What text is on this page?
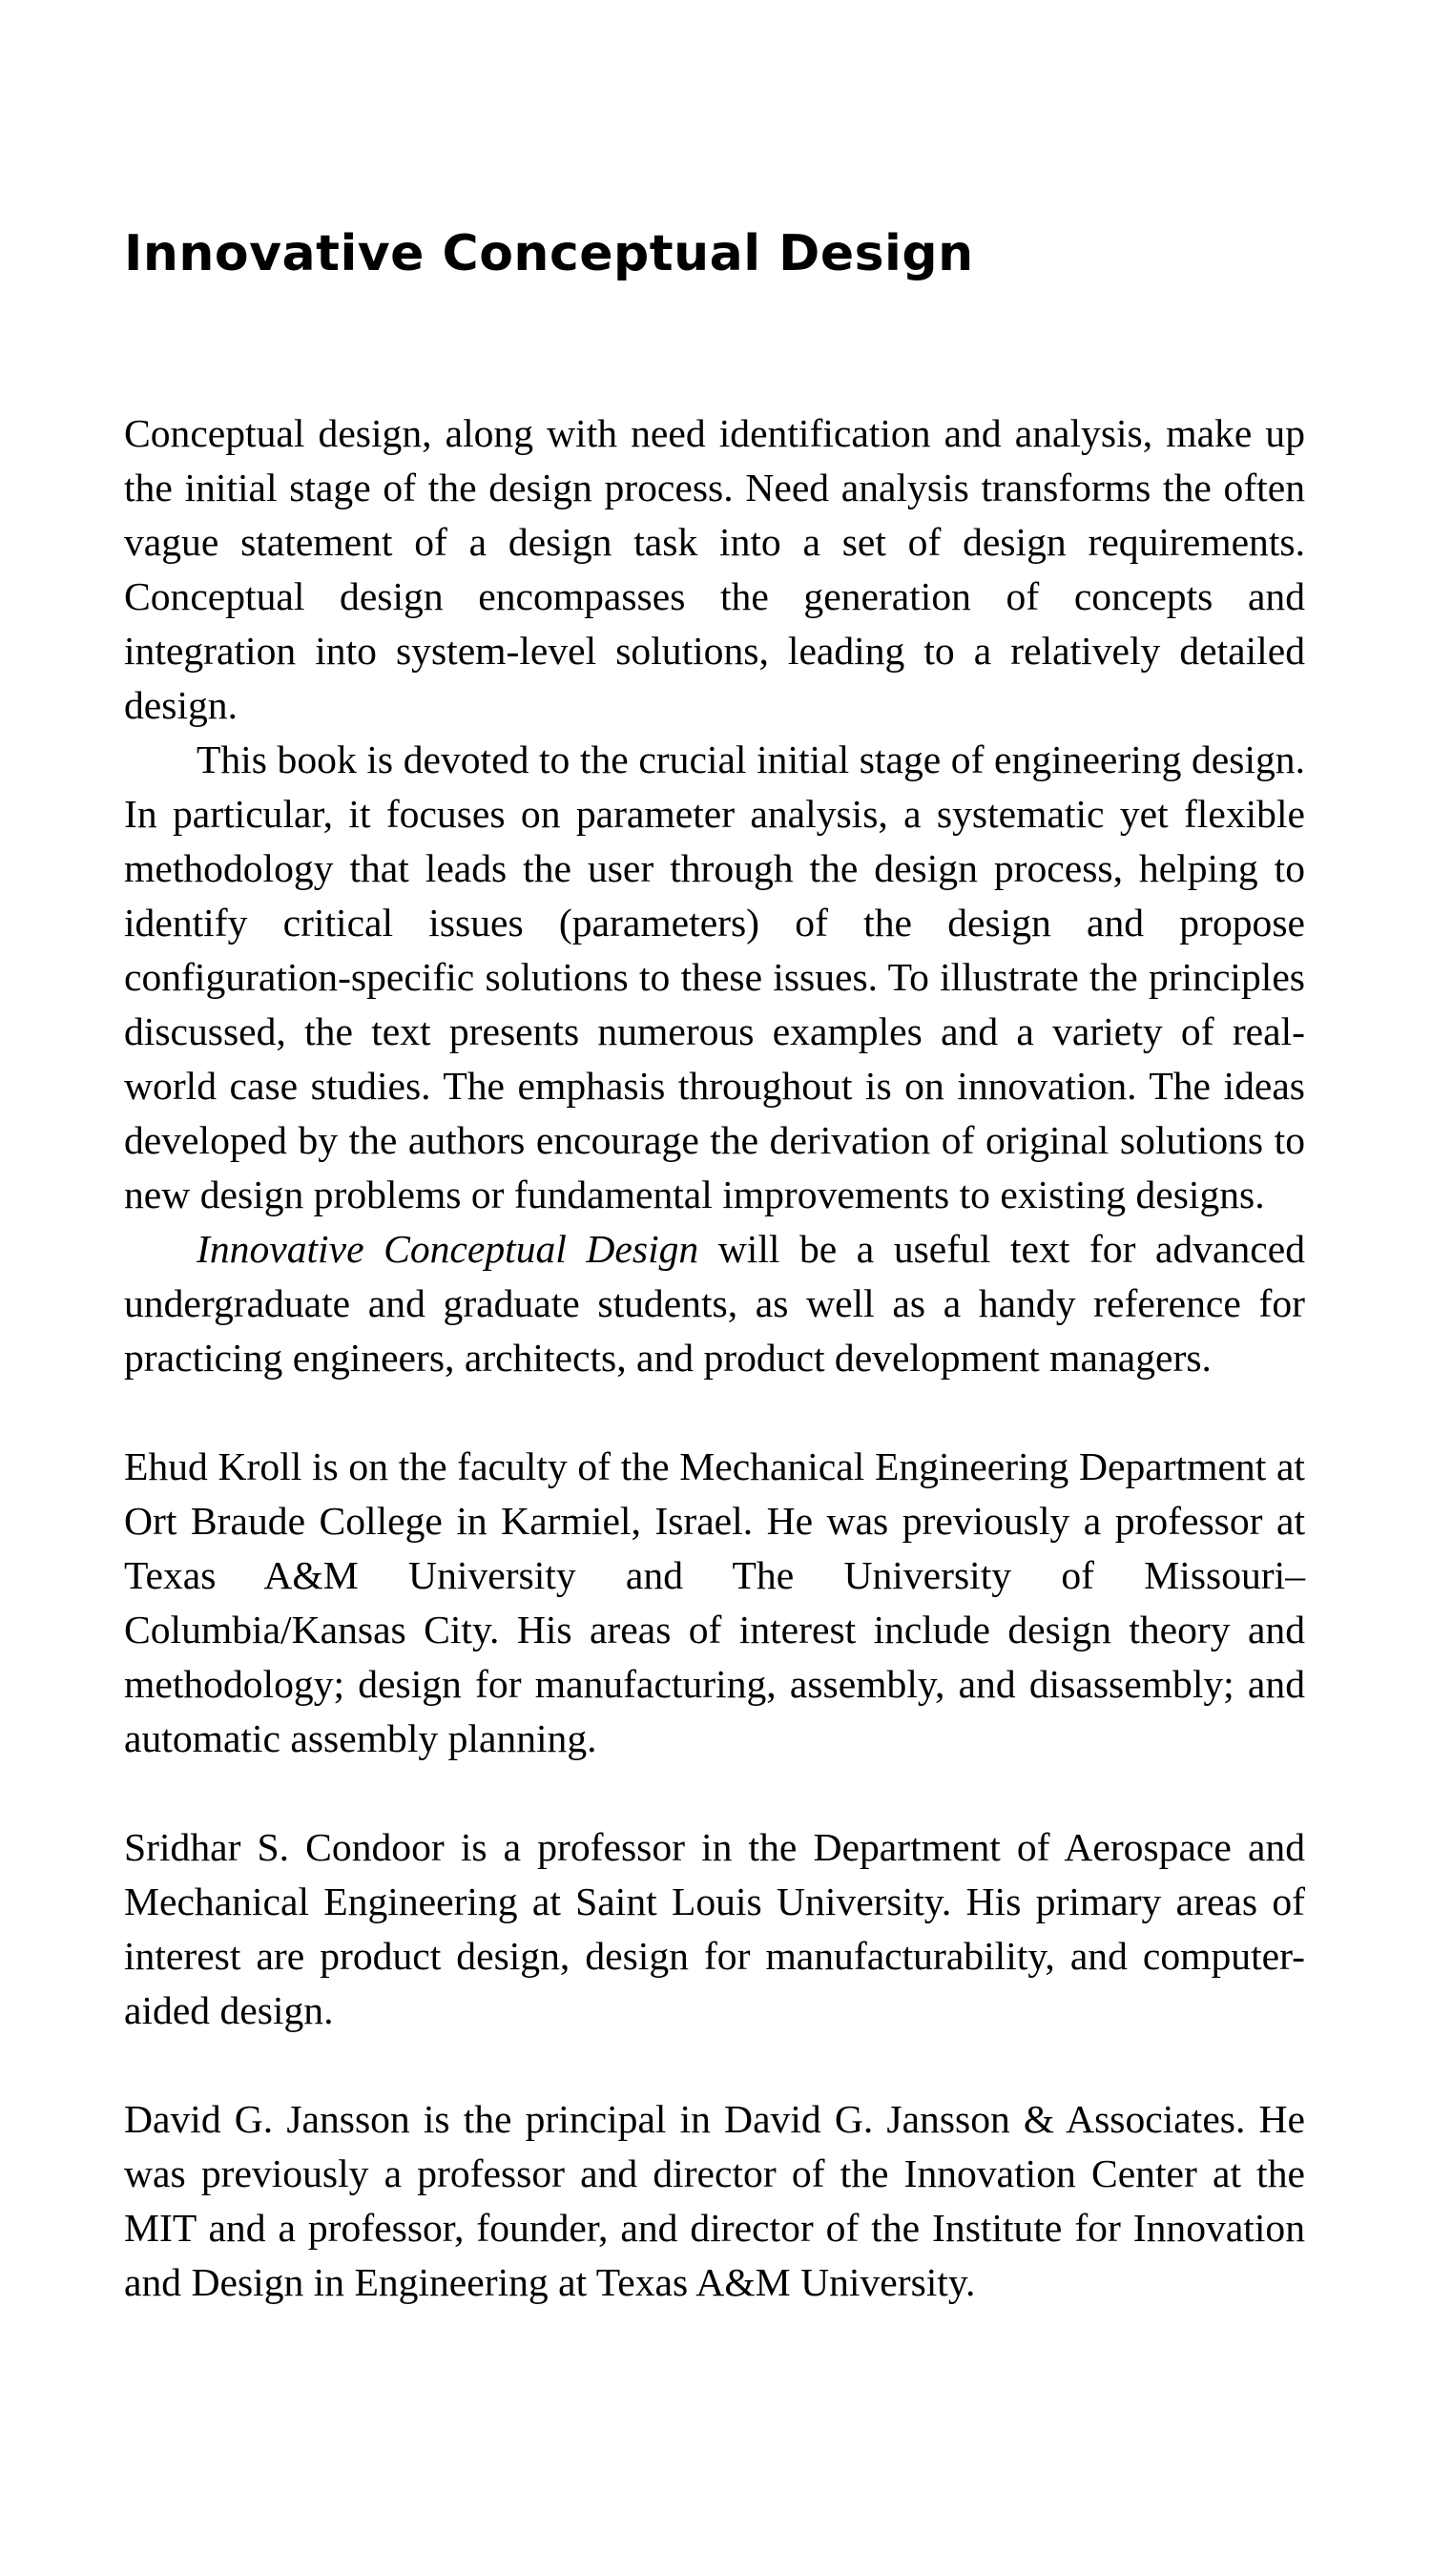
Innovative Conceptual Design

Conceptual design, along with need identification and analysis, make up the initial stage of the design process. Need analysis transforms the often vague statement of a design task into a set of design requirements. Conceptual design encompasses the generation of concepts and integration into system-level solutions, leading to a relatively detailed design.

This book is devoted to the crucial initial stage of engineering design. In particular, it focuses on parameter analysis, a systematic yet flexible methodology that leads the user through the design process, helping to identify critical issues (parameters) of the design and propose configuration-specific solutions to these issues. To illustrate the principles discussed, the text presents numerous examples and a variety of real-world case studies. The emphasis throughout is on innovation. The ideas developed by the authors encourage the derivation of original solutions to new design problems or fundamental improvements to existing designs.

Innovative Conceptual Design will be a useful text for advanced undergraduate and graduate students, as well as a handy reference for practicing engineers, architects, and product development managers.

Ehud Kroll is on the faculty of the Mechanical Engineering Department at Ort Braude College in Karmiel, Israel. He was previously a professor at Texas A&M University and The University of Missouri– Columbia/Kansas City. His areas of interest include design theory and methodology; design for manufacturing, assembly, and disassembly; and automatic assembly planning.

Sridhar S. Condoor is a professor in the Department of Aerospace and Mechanical Engineering at Saint Louis University. His primary areas of interest are product design, design for manufacturability, and computer-aided design.

David G. Jansson is the principal in David G. Jansson & Associates. He was previously a professor and director of the Innovation Center at the MIT and a professor, founder, and director of the Institute for Innovation and Design in Engineering at Texas A&M University.
